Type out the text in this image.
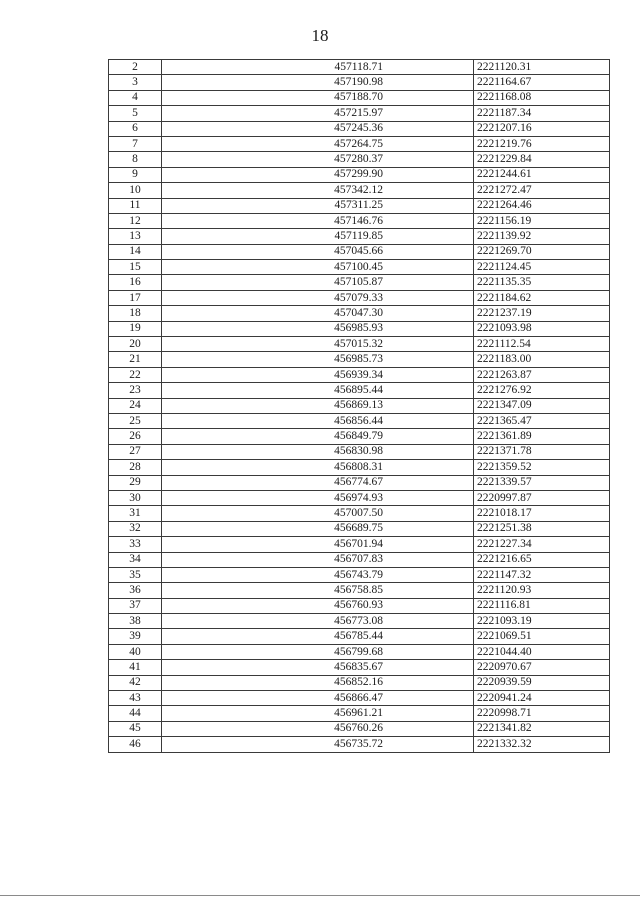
18
2	457118.71	2221120.31
3	457190.98	2221164.67
4	457188.70	2221168.08
5	457215.97	2221187.34
6	457245.36	2221207.16
7	457264.75	2221219.76
8	457280.37	2221229.84
9	457299.90	2221244.61
10	457342.12	2221272.47
11	457311.25	2221264.46
12	457146.76	2221156.19
13	457119.85	2221139.92
14	457045.66	2221269.70
15	457100.45	2221124.45
16	457105.87	2221135.35
17	457079.33	2221184.62
18	457047.30	2221237.19
19	456985.93	2221093.98
20	457015.32	2221112.54
21	456985.73	2221183.00
22	456939.34	2221263.87
23	456895.44	2221276.92
24	456869.13	2221347.09
25	456856.44	2221365.47
26	456849.79	2221361.89
27	456830.98	2221371.78
28	456808.31	2221359.52
29	456774.67	2221339.57
30	456974.93	2220997.87
31	457007.50	2221018.17
32	456689.75	2221251.38
33	456701.94	2221227.34
34	456707.83	2221216.65
35	456743.79	2221147.32
36	456758.85	2221120.93
37	456760.93	2221116.81
38	456773.08	2221093.19
39	456785.44	2221069.51
40	456799.68	2221044.40
41	456835.67	2220970.67
42	456852.16	2220939.59
43	456866.47	2220941.24
44	456961.21	2220998.71
45	456760.26	2221341.82
46	456735.72	2221332.32
